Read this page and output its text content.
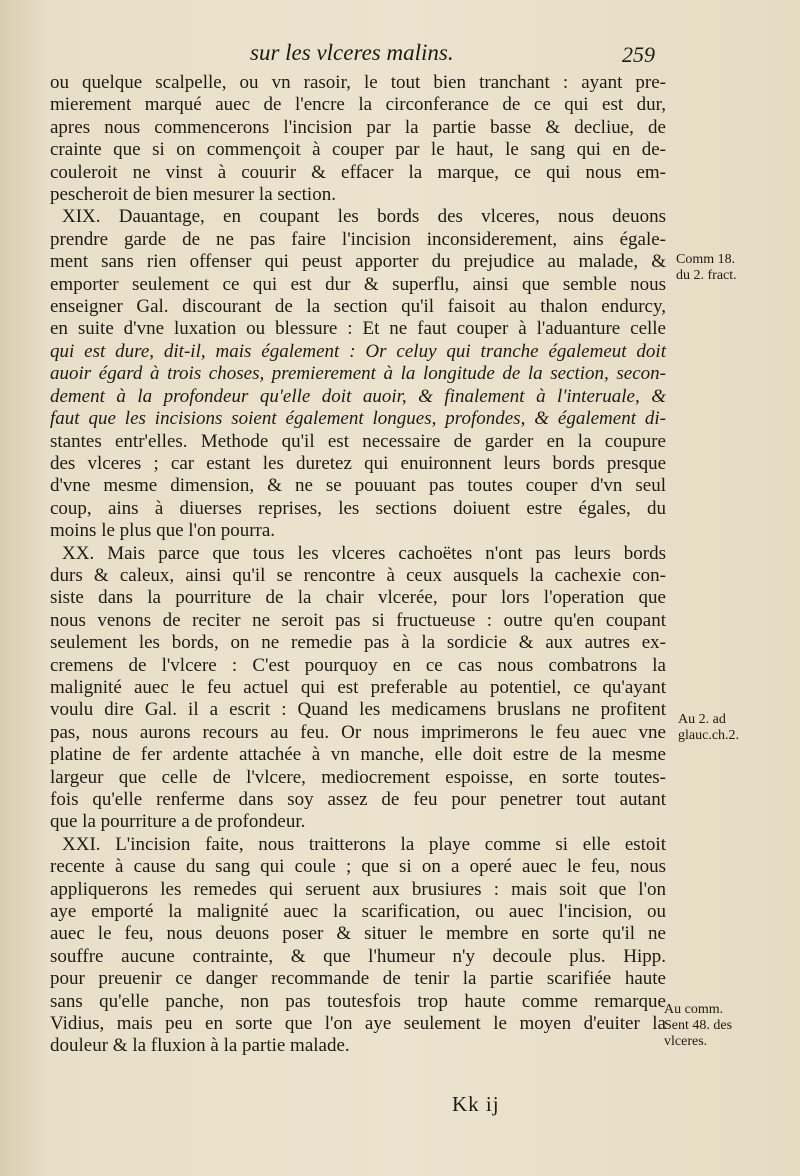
sur les vlceres malins.	259

ou quelque scalpelle, ou vn rasoir, le tout bien tranchant : ayant pre-

mierement marqué auec de l'encre la circonferance de ce qui est dur,

apres nous commencerons l'incision par la partie basse & decliue, de

crainte que si on commençoit à couper par le haut, le sang qui en de-

couleroit ne vinst à couurir & effacer la marque, ce qui nous em-

pescheroit de bien mesurer la section.

XIX. Dauantage, en coupant les bords des vlceres, nous deuons

prendre garde de ne pas faire l'incision inconsiderement, ains égale-

ment sans rien offenser qui peust apporter du prejudice au malade, &

emporter seulement ce qui est dur & superflu, ainsi que semble nous

enseigner Gal. discourant de la section qu'il faisoit au thalon endurcy,

en suite d'vne luxation ou blessure : Et ne faut couper à l'aduanture celle

qui est dure, dit-il, mais également : Or celuy qui tranche égalemeut doit

auoir égard à trois choses, premierement à la longitude de la section, secon-

dement à la profondeur qu'elle doit auoir, & finalement à l'interuale, &

faut que les incisions soient également longues, profondes, & également di-

stantes entr'elles. Methode qu'il est necessaire de garder en la coupure

des vlceres ; car estant les duretez qui enuironnent leurs bords presque

d'vne mesme dimension, & ne se pouuant pas toutes couper d'vn seul

coup, ains à diuerses reprises, les sections doiuent estre égales, du

moins le plus que l'on pourra.

XX. Mais parce que tous les vlceres cachoëtes n'ont pas leurs bords

durs & caleux, ainsi qu'il se rencontre à ceux ausquels la cachexie con-

siste dans la pourriture de la chair vlcerée, pour lors l'operation que

nous venons de reciter ne seroit pas si fructueuse : outre qu'en coupant

seulement les bords, on ne remedie pas à la sordicie & aux autres ex-

cremens de l'vlcere : C'est pourquoy en ce cas nous combatrons la

malignité auec le feu actuel qui est preferable au potentiel, ce qu'ayant

voulu dire Gal. il a escrit : Quand les medicamens bruslans ne profitent

pas, nous aurons recours au feu. Or nous imprimerons le feu auec vne

platine de fer ardente attachée à vn manche, elle doit estre de la mesme

largeur que celle de l'vlcere, mediocrement espoisse, en sorte toutes-

fois qu'elle renferme dans soy assez de feu pour penetrer tout autant

que la pourriture a de profondeur.

XXI. L'incision faite, nous traitterons la playe comme si elle estoit

recente à cause du sang qui coule ; que si on a operé auec le feu, nous

appliquerons les remedes qui seruent aux brusiures : mais soit que l'on

aye emporté la malignité auec la scarification, ou auec l'incision, ou

auec le feu, nous deuons poser & situer le membre en sorte qu'il ne

souffre aucune contrainte, & que l'humeur n'y decoule plus. Hipp.

pour preuenir ce danger recommande de tenir la partie scarifiée haute

sans qu'elle panche, non pas toutesfois trop haute comme remarque

Vidius, mais peu en sorte que l'on aye seulement le moyen d'euiter la

douleur & la fluxion à la partie malade.

Comm 18.
du 2. fract.
Au 2. ad
glauc.ch.2.
Au comm.
Sent 48. des
vlceres.
Kk ij
